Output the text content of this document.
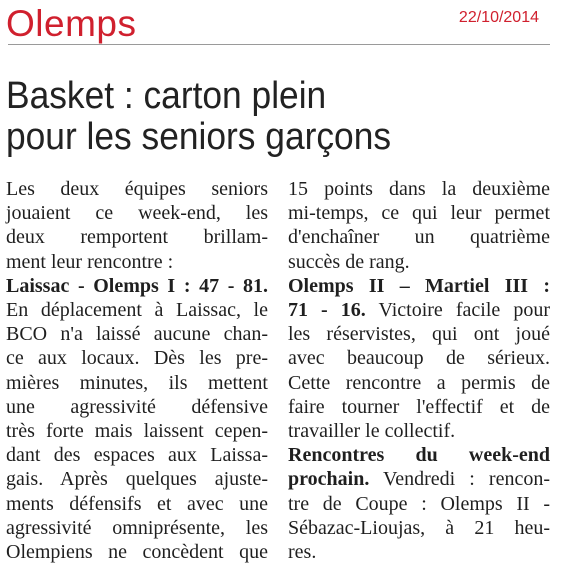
Olemps	22/10/2014
Basket : carton plein
pour les seniors garçons
Les deux équipes seniors
jouaient ce week-end, les
deux remportent brillam-
ment leur rencontre :
Laissac - Olemps I : 47 - 81.
En déplacement à Laissac, le
BCO n'a laissé aucune chan-
ce aux locaux. Dès les pre-
mières minutes, ils mettent
une agressivité défensive
très forte mais laissent cepen-
dant des espaces aux Laissa-
gais. Après quelques ajuste-
ments défensifs et avec une
agressivité omniprésente, les
Olempiens ne concèdent que
15 points dans la deuxième
mi-temps, ce qui leur permet
d'enchaîner un quatrième
succès de rang.
Olemps II – Martiel III :
71 - 16. Victoire facile pour
les réservistes, qui ont joué
avec beaucoup de sérieux.
Cette rencontre a permis de
faire tourner l'effectif et de
travailler le collectif.
Rencontres du week-end
prochain. Vendredi : rencon-
tre de Coupe : Olemps II -
Sébazac-Lioujas, à 21 heu-
res.
